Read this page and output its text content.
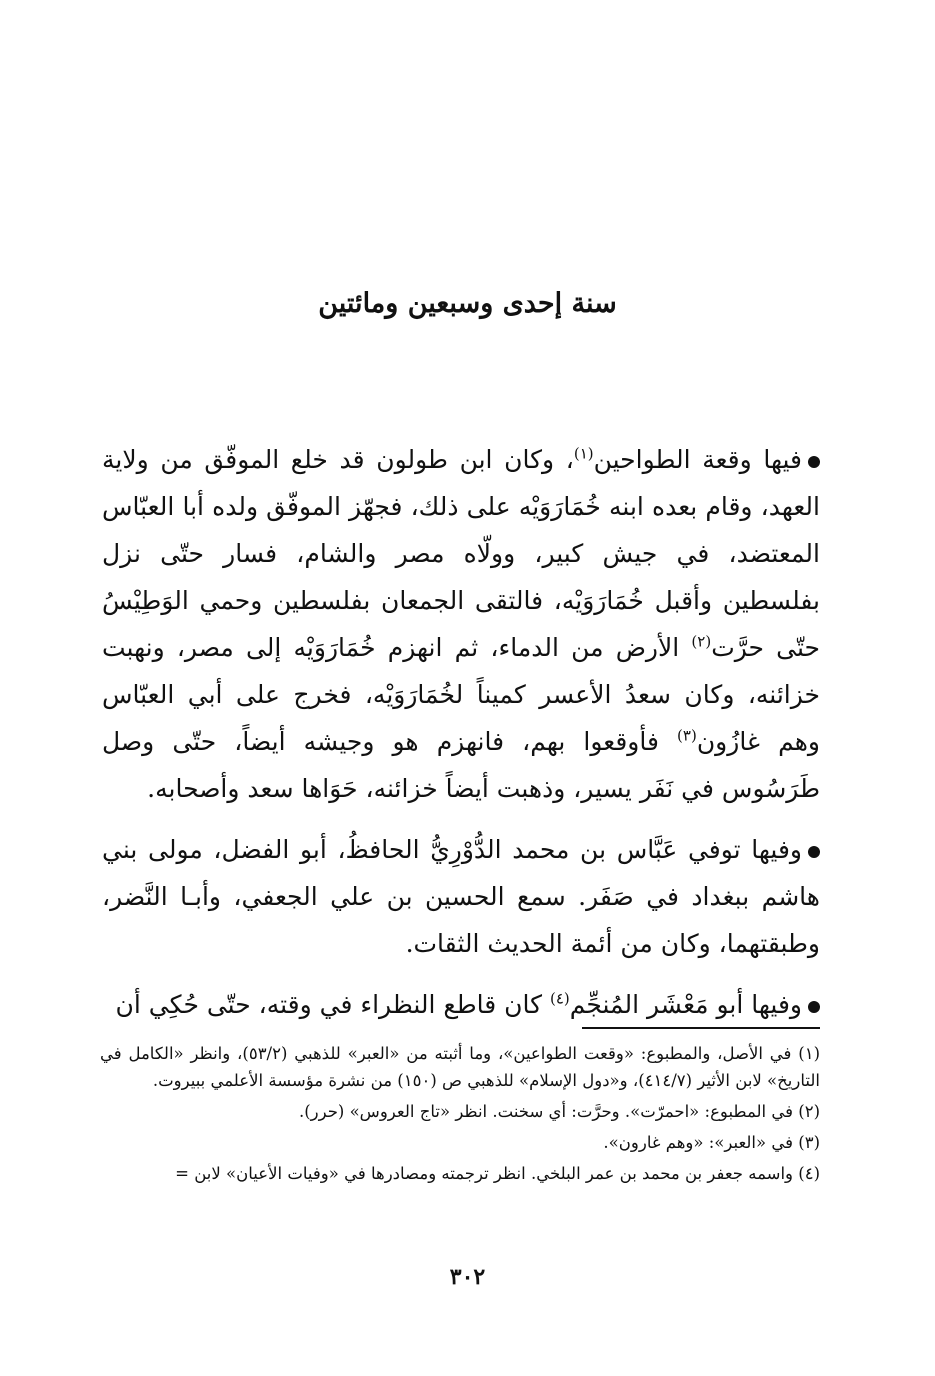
سنة إحدى وسبعين ومائتين

فيها وقعة الطواحين$^{(١)}$، وكان ابن طولون قد خلع الموفّق من ولاية العهد، وقام بعده ابنه خُمَارَوَيْه على ذلك، فجهّز الموفّق ولده أبا العبّاس المعتضد، في جيش كبير، وولّاه مصر والشام، فسار حتّى نزل بفلسطين وأقبل خُمَارَوَيْه، فالتقى الجمعان بفلسطين وحمي الوَطِيْسُ حتّى حرَّت$^{(٢)}$ الأرض من الدماء، ثم انهزم خُمَارَوَيْه إلى مصر، ونهبت خزائنه، وكان سعدُ الأعسر كميناً لخُمَارَوَيْه، فخرج على أبي العبّاس وهم غازُون$^{(٣)}$ فأوقعوا بهم، فانهزم هو وجيشه أيضاً، حتّى وصل طَرَسُوس في نَفَر يسير، وذهبت أيضاً خزائنه، حَوَاها سعد وأصحابه.

وفيها توفي عَبَّاس بن محمد الدُّوْرِيُّ الحافظُ، أبو الفضل، مولى بني هاشم ببغداد في صَفَر. سمع الحسين بن علي الجعفي، وأبـا النَّضر، وطبقتهما، وكان من أئمة الحديث الثقات.

وفيها أبو مَعْشَر المُنجِّم$^{(٤)}$ كان قاطع النظراء في وقته، حتّى حُكِي أن

(١) في الأصل، والمطبوع: «وقعت الطواعين»، وما أثبته من «العبر» للذهبي (٥٣/٢)، وانظر «الكامل في التاريخ» لابن الأثير (٤١٤/٧)، و«دول الإسلام» للذهبي ص (١٥٠) من نشرة مؤسسة الأعلمي ببيروت.

(٢) في المطبوع: «احمرّت». وحرَّت: أي سخنت. انظر «تاج العروس» (حرر).

(٣) في «العبر»: «وهم غارون».

(٤) واسمه جعفر بن محمد بن عمر البلخي. انظر ترجمته ومصادرها في «وفيات الأعيان» لابن =

٣٠٢
